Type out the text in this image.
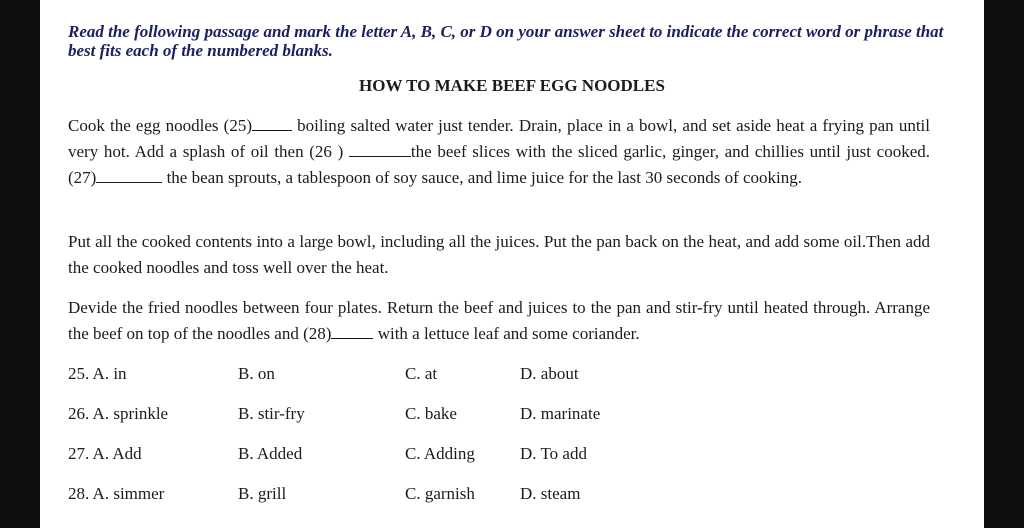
Read the following passage and mark the letter A, B, C, or D on your answer sheet to indicate the correct word or phrase that best fits each of the numbered blanks.
HOW TO MAKE BEEF EGG NOODLES
Cook the egg noodles (25) boiling salted water just tender. Drain, place in a bowl, and set aside heat a frying pan until very hot. Add a splash of oil then (26 )	the beef slices with the sliced garlic, ginger, and chillies until just cooked. (27)	the bean sprouts, a tablespoon of soy sauce, and lime juice for the last 30 seconds of cooking.
Put all the cooked contents into a large bowl, including all the juices. Put the pan back on the heat, and add some oil.Then add the cooked noodles and toss well over the heat.
Devide the fried noodles between four plates. Return the beef and juices to the pan and stir-fry until heated through. Arrange the beef on top of the noodles and (28) with a lettuce leaf and some coriander.
25. A. in	B. on	C. at	D. about
26. A. sprinkle	B. stir-fry	C. bake	D. marinate
27. A. Add	B. Added	C. Adding	D. To add
28. A. simmer	B. grill	C. garnish	D. steam
